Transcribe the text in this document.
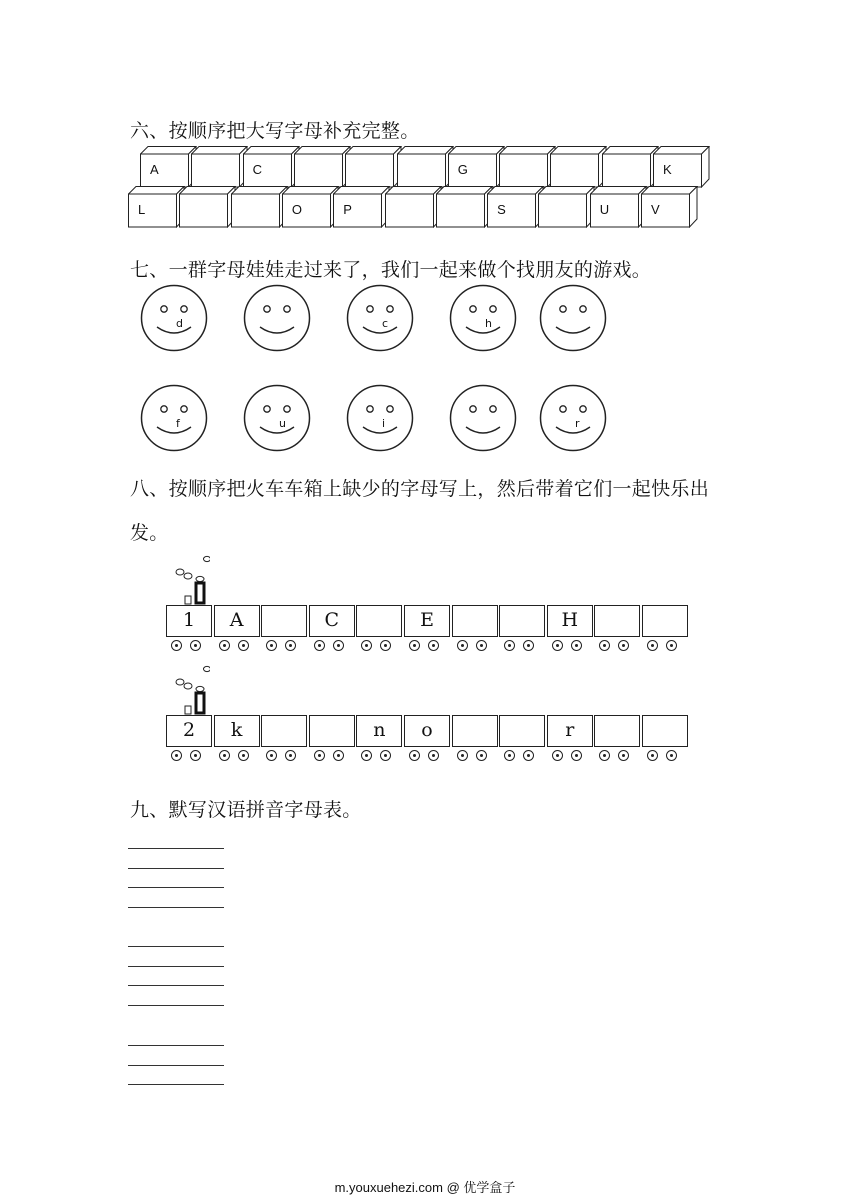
六、按顺序把大写字母补充完整。
A	C	G	K
L	O	P	S	U	V
七、一群字母娃娃走过来了，我们一起来做个找朋友的游戏。
d	c	h
f	u	i	r
八、按顺序把火车车箱上缺少的字母写上，然后带着它们一起快乐出
发。
1	A	C	E	H
2	k	n	o	r
九、默写汉语拼音字母表。
m.youxuehezi.com @ 优学盒子
